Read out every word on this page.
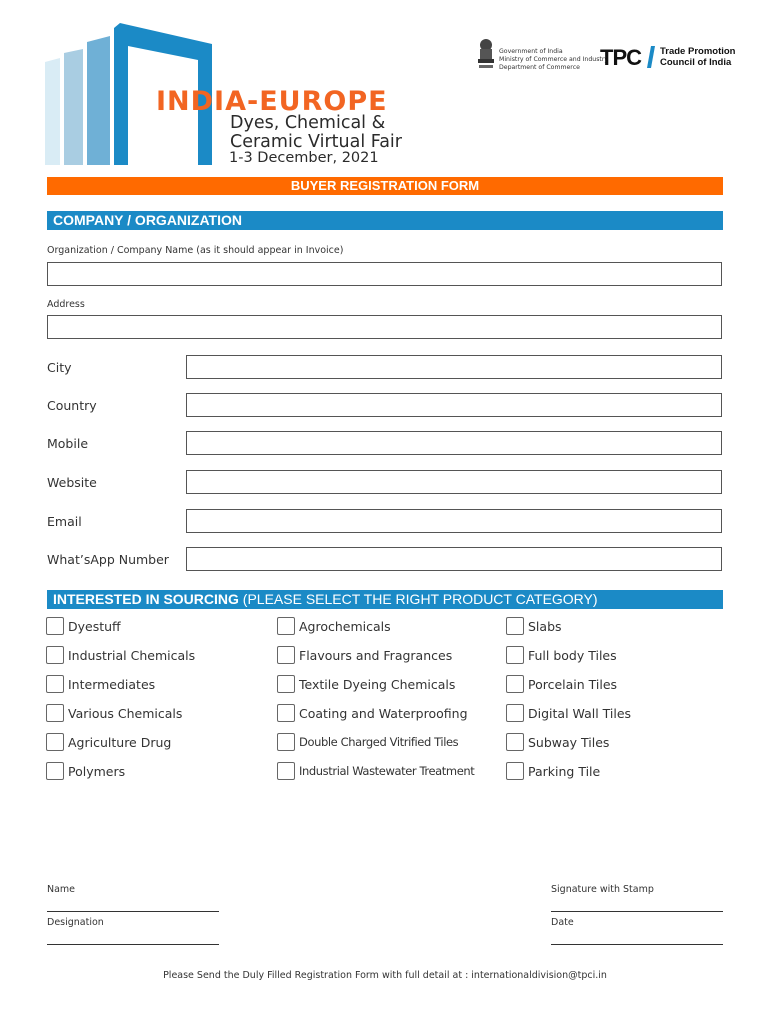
INDIA-EUROPE
Dyes, Chemical &
Ceramic Virtual Fair
1-3 December, 2021
Government of India
Ministry of Commerce and Industry
Department of Commerce TPC Trade Promotion
Council of India
BUYER REGISTRATION FORM
COMPANY / ORGANIZATION
Organization / Company Name (as it should appear in Invoice)
Address
City
Country
Mobile
Website
Email
What’sApp Number
INTERESTED IN SOURCING (PLEASE SELECT THE RIGHT PRODUCT CATEGORY)
Dyestuff
Industrial Chemicals
Intermediates
Various Chemicals
Agriculture Drug
Polymers
Agrochemicals
Flavours and Fragrances
Textile Dyeing Chemicals
Coating and Waterproofing
Double Charged Vitrified Tiles
Industrial Wastewater Treatment
Slabs
Full body Tiles
Porcelain Tiles
Digital Wall Tiles
Subway Tiles
Parking Tile
Name
Designation
Signature with Stamp
Date
Please Send the Duly Filled Registration Form with full detail at : internationaldivision@tpci.in
